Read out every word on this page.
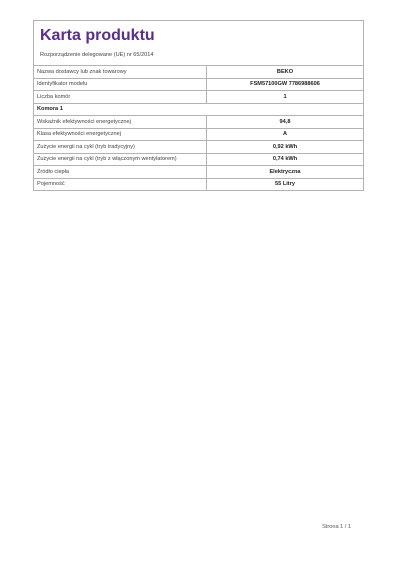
Karta produktu
Rozporządzenie delegowane (UE) nr 65/2014
Nazwa dostawcy lub znak towarowy	BEKO
Identyfikator modelu	FSM57100GW 7786988606
Liczba komór	1
Komora 1	
Wskaźnik efektywności energetycznej	94,8
Klasa efektywności energetycznej	A
Zużycie energii na cykl (tryb tradycyjny)	0,92 kWh
Zużycie energii na cykl (tryb z włączonym wentylatorem)	0,74 kWh
Źródło ciepła	Elektryczna
Pojemność	55 Litry
Strona 1 / 1
